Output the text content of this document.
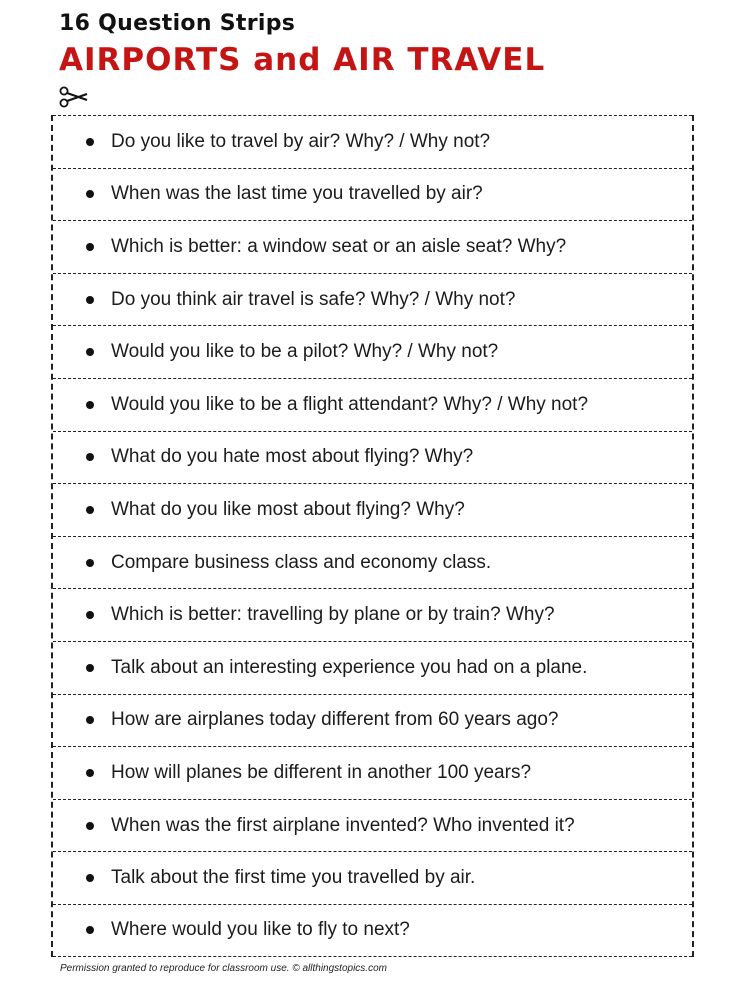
16 Question Strips
AIRPORTS and AIR TRAVEL
Do you like to travel by air? Why? / Why not?
When was the last time you travelled by air?
Which is better: a window seat or an aisle seat? Why?
Do you think air travel is safe? Why? / Why not?
Would you like to be a pilot? Why? / Why not?
Would you like to be a flight attendant? Why? / Why not?
What do you hate most about flying? Why?
What do you like most about flying? Why?
Compare business class and economy class.
Which is better: travelling by plane or by train? Why?
Talk about an interesting experience you had on a plane.
How are airplanes today different from 60 years ago?
How will planes be different in another 100 years?
When was the first airplane invented? Who invented it?
Talk about the first time you travelled by air.
Where would you like to fly to next?
Permission granted to reproduce for classroom use. © allthingstopics.com
